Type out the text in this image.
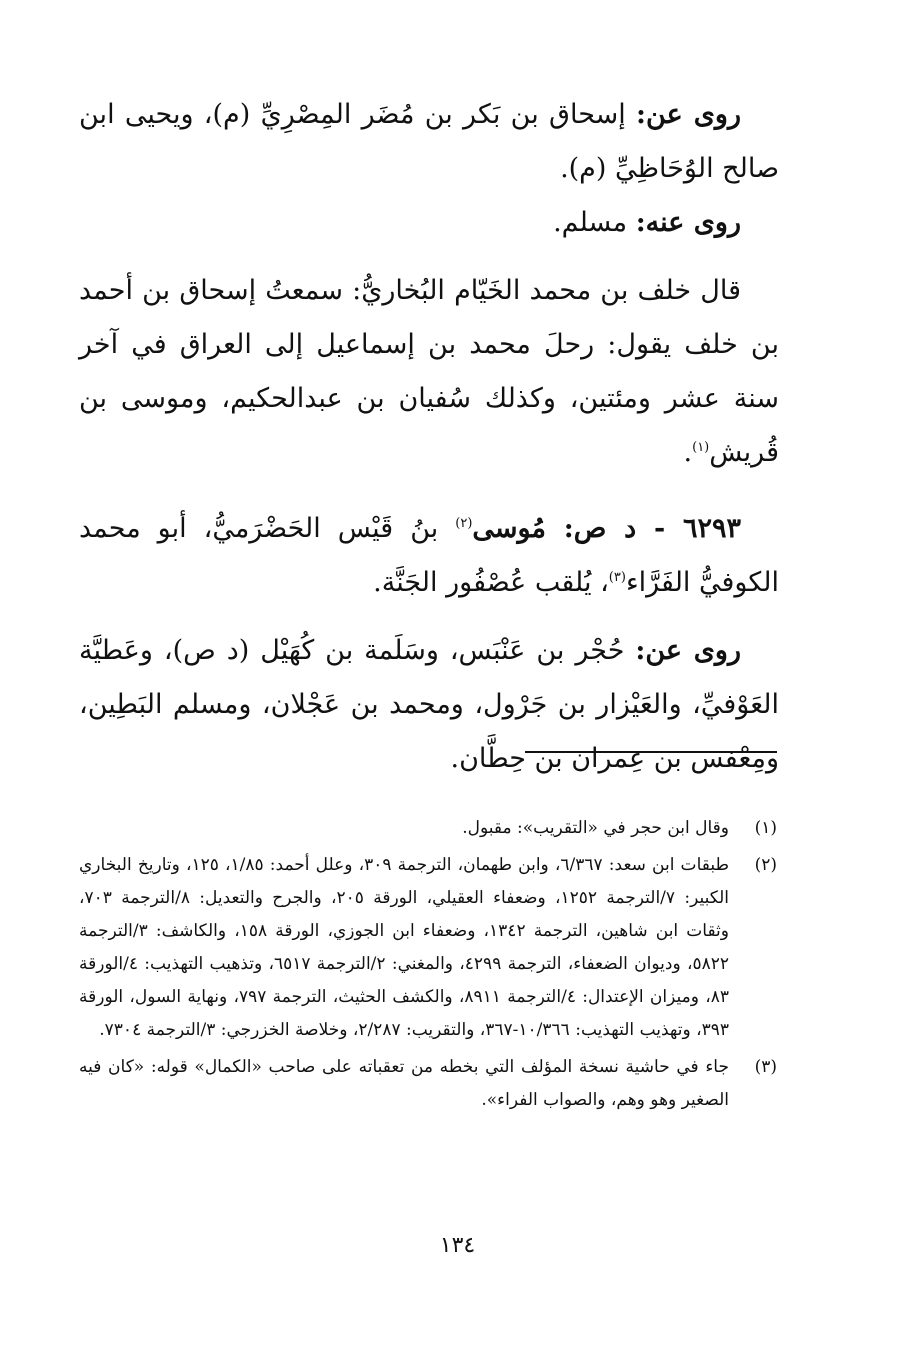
روى عن: إسحاق بن بَكر بن مُضَر المِصْرِيِّ (م)، ويحيى ابن صالح الوُحَاظِيِّ (م).

روى عنه: مسلم.

قال خلف بن محمد الخَيّام البُخاريُّ: سمعتُ إسحاق بن أحمد بن خلف يقول: رحلَ محمد بن إسماعيل إلى العراق في آخر سنة عشر ومئتين، وكذلك سُفيان بن عبدالحكيم، وموسى بن قُريش$^{(١)}$.

٦٢٩٣ - د ص: مُوسى$^{(٢)}$ بنُ قَيْس الحَضْرَميُّ، أبو محمد الكوفيُّ الفَرَّاء$^{(٣)}$، يُلقب عُصْفُور الجَنَّة.

روى عن: حُجْر بن عَنْبَس، وسَلَمة بن كُهَيْل (د ص)، وعَطيَّة العَوْفيِّ، والعَيْزار بن جَرْول، ومحمد بن عَجْلان، ومسلم البَطِين، ومِعْفس بن عِمران بن حِطَّان.

(١)
وقال ابن حجر في «التقريب»: مقبول.
(٢)
طبقات ابن سعد: ٦/٣٦٧، وابن طهمان، الترجمة ٣٠٩، وعلل أحمد: ١/٨٥، ١٢٥، وتاريخ البخاري الكبير: ٧/الترجمة ١٢٥٢، وضعفاء العقيلي، الورقة ٢٠٥، والجرح والتعديل: ٨/الترجمة ٧٠٣، وثقات ابن شاهين، الترجمة ١٣٤٢، وضعفاء ابن الجوزي، الورقة ١٥٨، والكاشف: ٣/الترجمة ٥٨٢٢، وديوان الضعفاء، الترجمة ٤٢٩٩، والمغني: ٢/الترجمة ٦٥١٧، وتذهيب التهذيب: ٤/الورقة ٨٣، وميزان الإعتدال: ٤/الترجمة ٨٩١١، والكشف الحثيث، الترجمة ٧٩٧، ونهاية السول، الورقة ٣٩٣، وتهذيب التهذيب: ١٠/٣٦٦-٣٦٧، والتقريب: ٢/٢٨٧، وخلاصة الخزرجي: ٣/الترجمة ٧٣٠٤.
(٣)
جاء في حاشية نسخة المؤلف التي بخطه من تعقباته على صاحب «الكمال» قوله: «كان فيه الصغير وهو وهم، والصواب الفراء».
١٣٤
